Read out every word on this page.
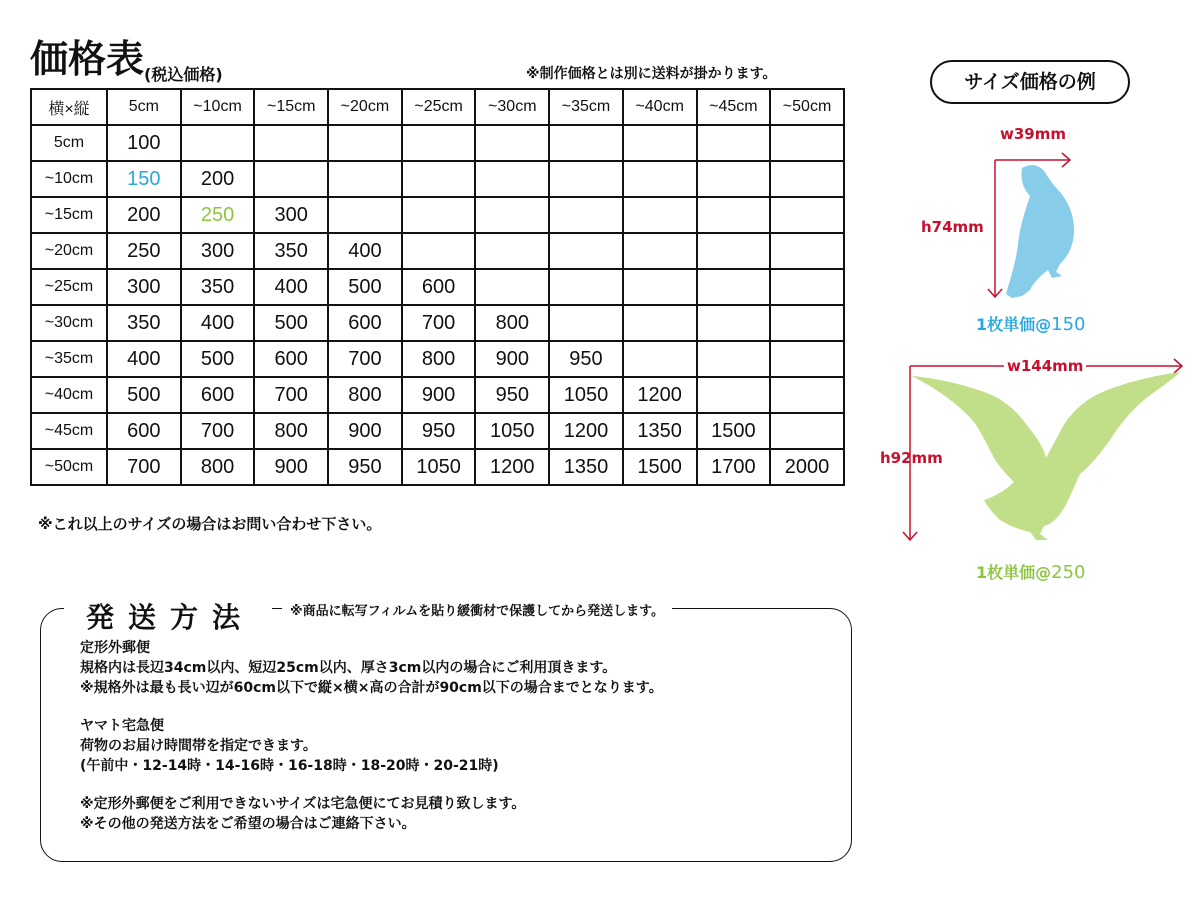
価格表 (税込価格)	※制作価格とは別に送料が掛かります。
横×縦	5cm	~10cm	~15cm	~20cm	~25cm	~30cm	~35cm	~40cm	~45cm	~50cm
5cm	100									
~10cm	150	200								
~15cm	200	250	300							
~20cm	250	300	350	400						
~25cm	300	350	400	500	600					
~30cm	350	400	500	600	700	800				
~35cm	400	500	600	700	800	900	950			
~40cm	500	600	700	800	900	950	1050	1200		
~45cm	600	700	800	900	950	1050	1200	1350	1500	
~50cm	700	800	900	950	1050	1200	1350	1500	1700	2000
※これ以上のサイズの場合はお問い合わせ下さい。
サイズ価格の例
w39mm
h74mm
1枚単価@150
w144mm
h92mm
1枚単価@250
発送方法	※商品に転写フィルムを貼り緩衝材で保護してから発送します。

定形外郵便

規格内は長辺34cm以内、短辺25cm以内、厚さ3cm以内の場合にご利用頂きます。

※規格外は最も長い辺が60cm以下で縦×横×高の合計が90cm以下の場合までとなります。

ヤマト宅急便

荷物のお届け時間帯を指定できます。

(午前中・12-14時・14-16時・16-18時・18-20時・20-21時)

※定形外郵便をご利用できないサイズは宅急便にてお見積り致します。

※その他の発送方法をご希望の場合はご連絡下さい。
